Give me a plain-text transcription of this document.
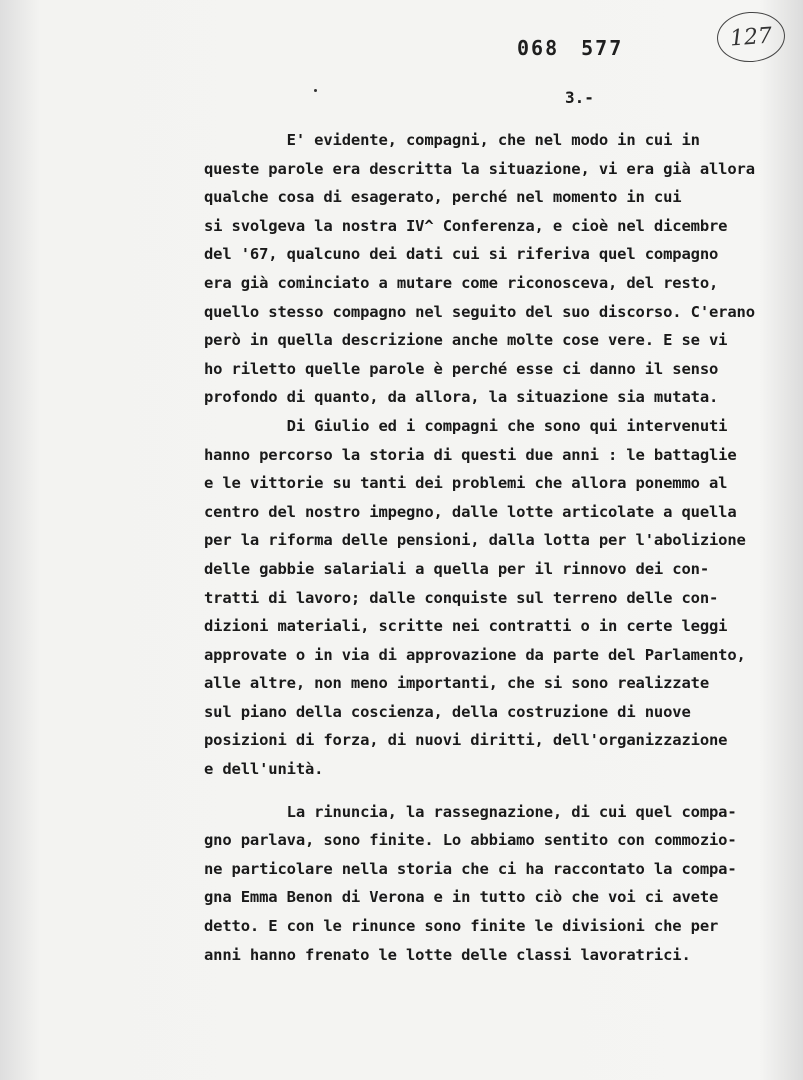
068 577	127
3.-
E' evidente, compagni, che nel modo in cui in
queste parole era descritta la situazione, vi era già allora
qualche cosa di esagerato, perché nel momento in cui
si svolgeva la nostra IV^ Conferenza, e cioè nel dicembre
del '67, qualcuno dei dati cui si riferiva quel compagno
era già cominciato a mutare come riconosceva, del resto,
quello stesso compagno nel seguito del suo discorso. C'erano
però in quella descrizione anche molte cose vere. E se vi
ho riletto quelle parole è perché esse ci danno il senso
profondo di quanto, da allora, la situazione sia mutata.
Di Giulio ed i compagni che sono qui intervenuti
hanno percorso la storia di questi due anni : le battaglie
e le vittorie su tanti dei problemi che allora ponemmo al
centro del nostro impegno, dalle lotte articolate a quella
per la riforma delle pensioni, dalla lotta per l'abolizione
delle gabbie salariali a quella per il rinnovo dei con-
tratti di lavoro; dalle conquiste sul terreno delle con-
dizioni materiali, scritte nei contratti o in certe leggi
approvate o in via di approvazione da parte del Parlamento,
alle altre, non meno importanti, che si sono realizzate
sul piano della coscienza, della costruzione di nuove
posizioni di forza, di nuovi diritti, dell'organizzazione
e dell'unità.
La rinuncia, la rassegnazione, di cui quel compa-
gno parlava, sono finite. Lo abbiamo sentito con commozio-
ne particolare nella storia che ci ha raccontato la compa-
gna Emma Benon di Verona e in tutto ciò che voi ci avete
detto. E con le rinunce sono finite le divisioni che per
anni hanno frenato le lotte delle classi lavoratrici.
